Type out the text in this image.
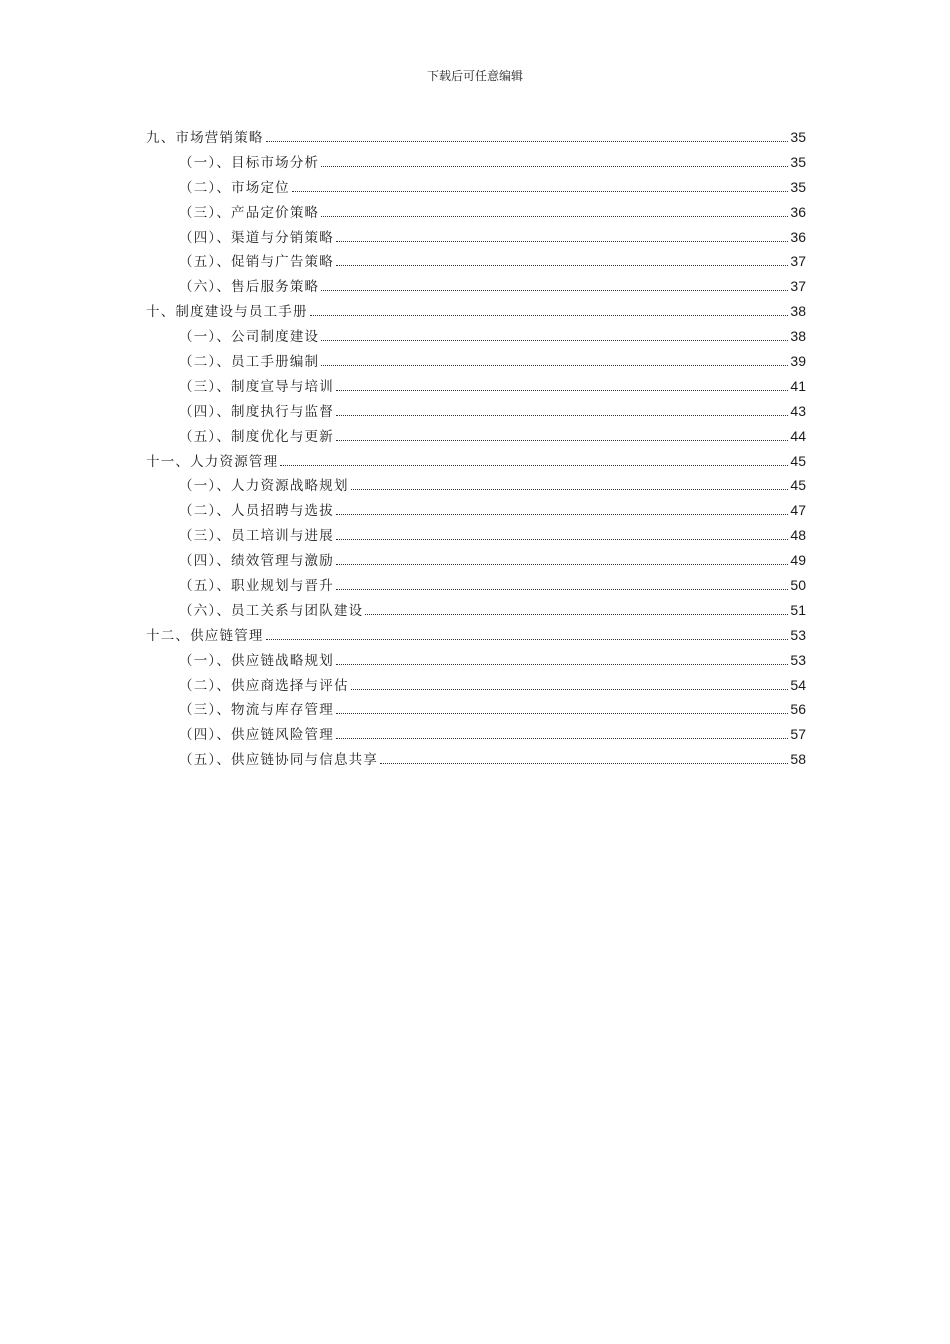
下载后可任意编辑
九、市场营销策略	35
（一）、目标市场分析	35
（二）、市场定位	35
（三）、产品定价策略	36
（四）、渠道与分销策略	36
（五）、促销与广告策略	37
（六）、售后服务策略	37
十、制度建设与员工手册	38
（一）、公司制度建设	38
（二）、员工手册编制	39
（三）、制度宣导与培训	41
（四）、制度执行与监督	43
（五）、制度优化与更新	44
十一、人力资源管理	45
（一）、人力资源战略规划	45
（二）、人员招聘与选拔	47
（三）、员工培训与进展	48
（四）、绩效管理与激励	49
（五）、职业规划与晋升	50
（六）、员工关系与团队建设	51
十二、供应链管理	53
（一）、供应链战略规划	53
（二）、供应商选择与评估	54
（三）、物流与库存管理	56
（四）、供应链风险管理	57
（五）、供应链协同与信息共享	58
